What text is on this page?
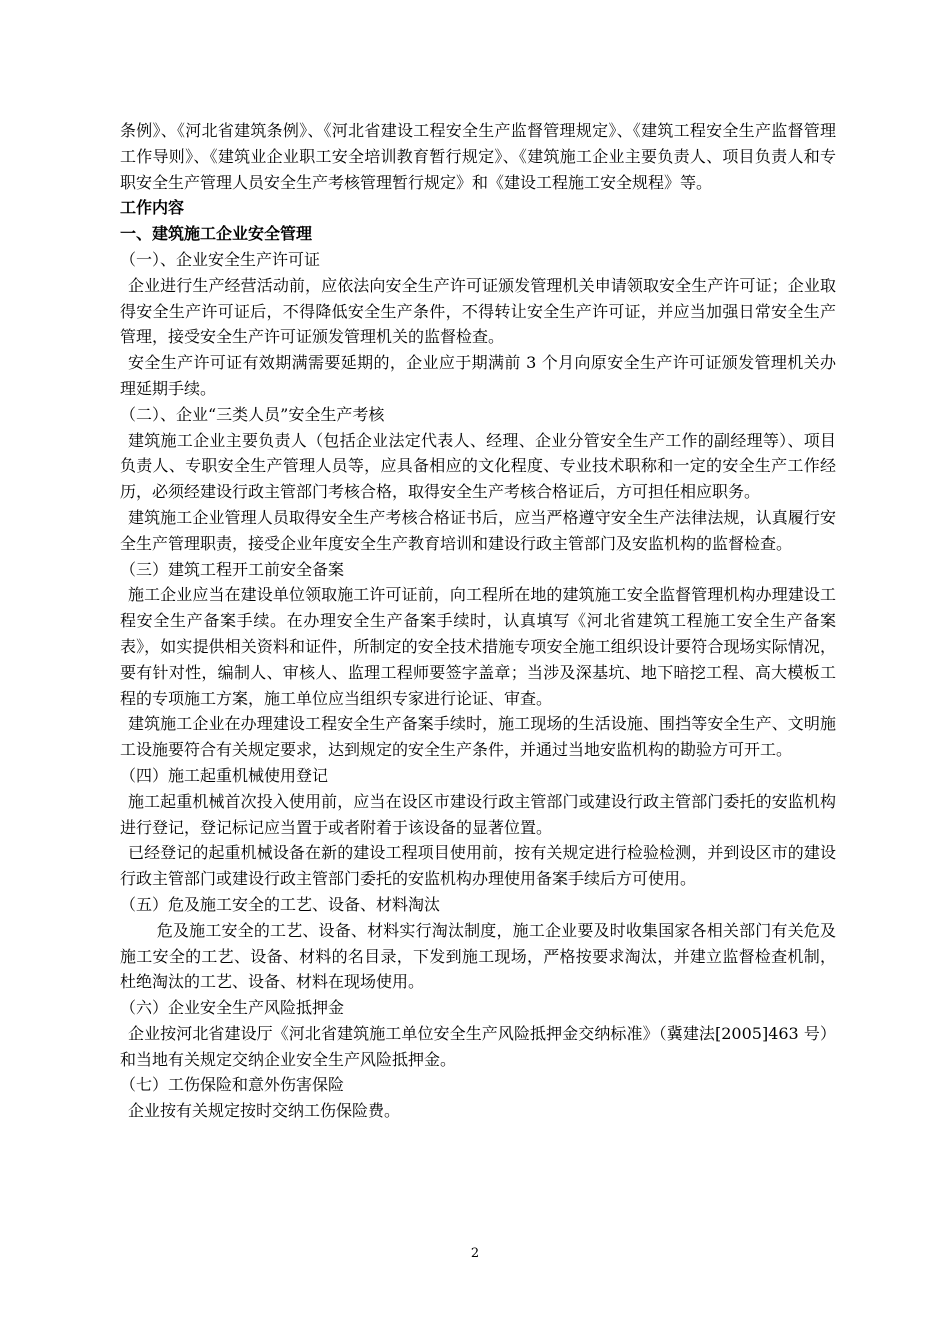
条例》、《河北省建筑条例》、《河北省建设工程安全生产监督管理规定》、《建筑工程安全生产监督管理工作导则》、《建筑业企业职工安全培训教育暂行规定》、《建筑施工企业主要负责人、项目负责人和专职安全生产管理人员安全生产考核管理暂行规定》和《建设工程施工安全规程》等。

工作内容

一、建筑施工企业安全管理

（一）、企业安全生产许可证

企业进行生产经营活动前，应依法向安全生产许可证颁发管理机关申请领取安全生产许可证；企业取得安全生产许可证后，不得降低安全生产条件，不得转让安全生产许可证，并应当加强日常安全生产管理，接受安全生产许可证颁发管理机关的监督检查。

安全生产许可证有效期满需要延期的，企业应于期满前 3 个月向原安全生产许可证颁发管理机关办理延期手续。

（二）、企业“三类人员”安全生产考核

建筑施工企业主要负责人（包括企业法定代表人、经理、企业分管安全生产工作的副经理等）、项目负责人、专职安全生产管理人员等，应具备相应的文化程度、专业技术职称和一定的安全生产工作经历，必须经建设行政主管部门考核合格，取得安全生产考核合格证后，方可担任相应职务。

建筑施工企业管理人员取得安全生产考核合格证书后，应当严格遵守安全生产法律法规，认真履行安全生产管理职责，接受企业年度安全生产教育培训和建设行政主管部门及安监机构的监督检查。

（三）建筑工程开工前安全备案

施工企业应当在建设单位领取施工许可证前，向工程所在地的建筑施工安全监督管理机构办理建设工程安全生产备案手续。在办理安全生产备案手续时，认真填写《河北省建筑工程施工安全生产备案表》，如实提供相关资料和证件，所制定的安全技术措施专项安全施工组织设计要符合现场实际情况，要有针对性，编制人、审核人、监理工程师要签字盖章；当涉及深基坑、地下暗挖工程、高大模板工程的专项施工方案，施工单位应当组织专家进行论证、审查。

建筑施工企业在办理建设工程安全生产备案手续时，施工现场的生活设施、围挡等安全生产、文明施工设施要符合有关规定要求，达到规定的安全生产条件，并通过当地安监机构的勘验方可开工。

（四）施工起重机械使用登记

施工起重机械首次投入使用前，应当在设区市建设行政主管部门或建设行政主管部门委托的安监机构进行登记，登记标记应当置于或者附着于该设备的显著位置。

已经登记的起重机械设备在新的建设工程项目使用前，按有关规定进行检验检测，并到设区市的建设行政主管部门或建设行政主管部门委托的安监机构办理使用备案手续后方可使用。

（五）危及施工安全的工艺、设备、材料淘汰

危及施工安全的工艺、设备、材料实行淘汰制度，施工企业要及时收集国家各相关部门有关危及施工安全的工艺、设备、材料的名目录，下发到施工现场，严格按要求淘汰，并建立监督检查机制，杜绝淘汰的工艺、设备、材料在现场使用。

（六）企业安全生产风险抵押金

企业按河北省建设厅《河北省建筑施工单位安全生产风险抵押金交纳标准》（冀建法[2005]463 号）和当地有关规定交纳企业安全生产风险抵押金。

（七）工伤保险和意外伤害保险

企业按有关规定按时交纳工伤保险费。

2
